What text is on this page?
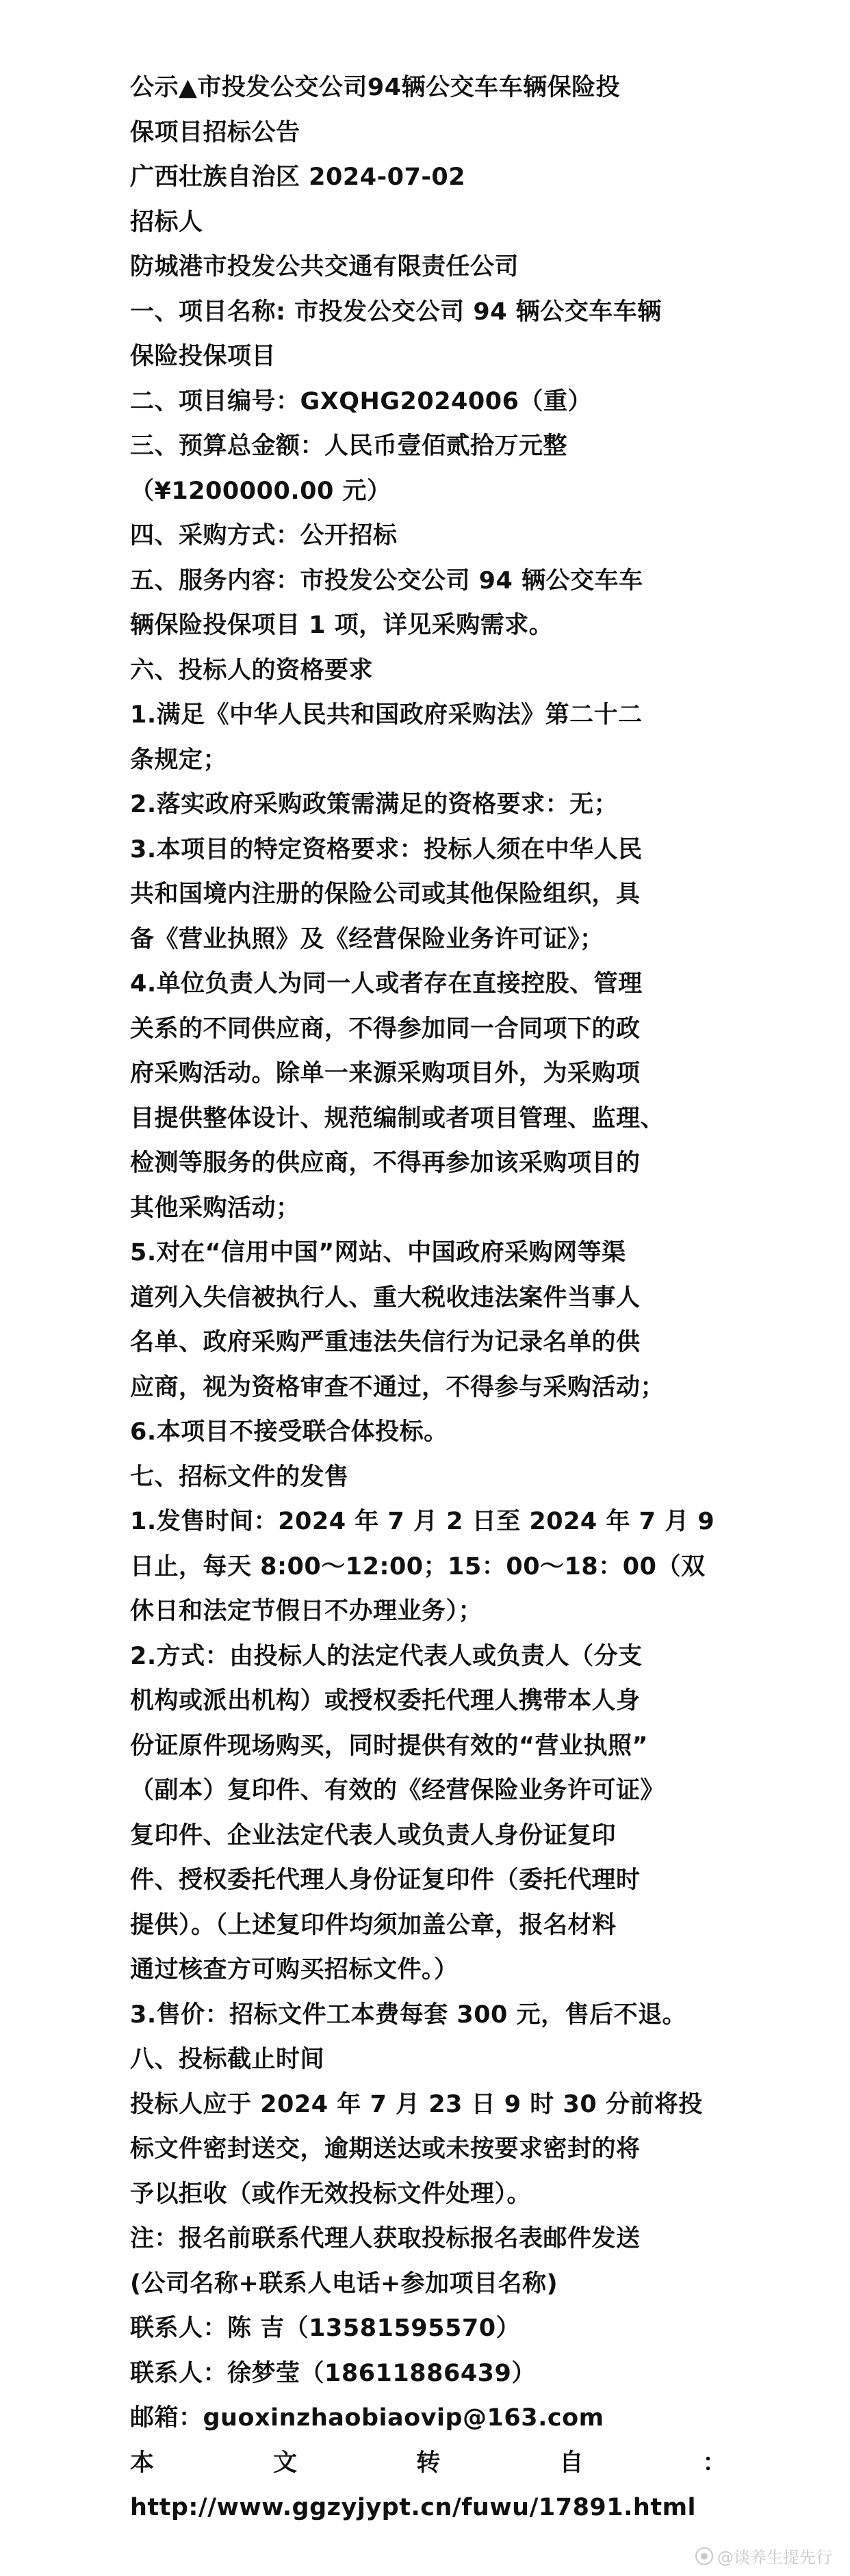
公示▲市投发公交公司94辆公交车车辆保险投
保项目招标公告
广西壮族自治区 2024-07-02
招标人
防城港市投发公共交通有限责任公司
一、项目名称: 市投发公交公司 94 辆公交车车辆
保险投保项目
二、项目编号：GXQHG2024006（重）
三、预算总金额：人民币壹佰贰拾万元整
（¥1200000.00 元）
四、采购方式：公开招标
五、服务内容：市投发公交公司 94 辆公交车车
辆保险投保项目 1 项，详见采购需求。
六、投标人的资格要求
1.满足《中华人民共和国政府采购法》第二十二
条规定；
2.落实政府采购政策需满足的资格要求：无；
3.本项目的特定资格要求：投标人须在中华人民
共和国境内注册的保险公司或其他保险组织，具
备《营业执照》及《经营保险业务许可证》；
4.单位负责人为同一人或者存在直接控股、管理
关系的不同供应商，不得参加同一合同项下的政
府采购活动。除单一来源采购项目外，为采购项
目提供整体设计、规范编制或者项目管理、监理、
检测等服务的供应商，不得再参加该采购项目的
其他采购活动；
5.对在“信用中国”网站、中国政府采购网等渠
道列入失信被执行人、重大税收违法案件当事人
名单、政府采购严重违法失信行为记录名单的供
应商，视为资格审查不通过，不得参与采购活动；
6.本项目不接受联合体投标。
七、招标文件的发售
1.发售时间：2024 年 7 月 2 日至 2024 年 7 月 9
日止，每天 8:00～12:00；15：00～18：00（双
休日和法定节假日不办理业务）；
2.方式：由投标人的法定代表人或负责人（分支
机构或派出机构）或授权委托代理人携带本人身
份证原件现场购买，同时提供有效的“营业执照”
（副本）复印件、有效的《经营保险业务许可证》
复印件、企业法定代表人或负责人身份证复印
件、授权委托代理人身份证复印件（委托代理时
提供）。（上述复印件均须加盖公章，报名材料
通过核查方可购买招标文件。）
3.售价：招标文件工本费每套 300 元，售后不退。
八、投标截止时间
投标人应于 2024 年 7 月 23 日 9 时 30 分前将投
标文件密封送交，逾期送达或未按要求密封的将
予以拒收（或作无效投标文件处理）。
注：报名前联系代理人获取投标报名表邮件发送
(公司名称+联系人电话+参加项目名称)
联系人：陈 吉（13581595570）
联系人：徐梦莹（18611886439）
邮箱：guoxinzhaobiaovip@163.com
本	文	转	自	：
http://www.ggzyjypt.cn/fuwu/17891.html
@谈养生提先行
